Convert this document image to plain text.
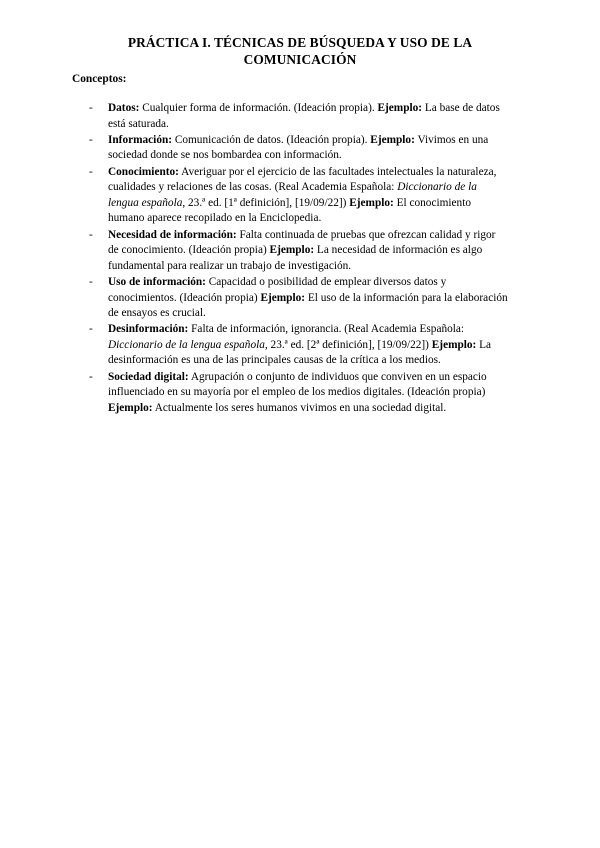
PRÁCTICA I. TÉCNICAS DE BÚSQUEDA Y USO DE LA
COMUNICACIÓN
Conceptos:
- Datos: Cualquier forma de información. (Ideación propia). Ejemplo: La base de datos está saturada.
- Información: Comunicación de datos. (Ideación propia). Ejemplo: Vivimos en una sociedad donde se nos bombardea con información.
- Conocimiento: Averiguar por el ejercicio de las facultades intelectuales la naturaleza, cualidades y relaciones de las cosas. (Real Academia Española: Diccionario de la lengua española, 23.ª ed. [1ª definición], [19/09/22]) Ejemplo: El conocimiento humano aparece recopilado en la Enciclopedia.
- Necesidad de información: Falta continuada de pruebas que ofrezcan calidad y rigor de conocimiento. (Ideación propia) Ejemplo: La necesidad de información es algo fundamental para realizar un trabajo de investigación.
- Uso de información: Capacidad o posibilidad de emplear diversos datos y conocimientos. (Ideación propia) Ejemplo: El uso de la información para la elaboración de ensayos es crucial.
- Desinformación: Falta de información, ignorancia. (Real Academia Española: Diccionario de la lengua española, 23.ª ed. [2ª definición], [19/09/22]) Ejemplo: La desinformación es una de las principales causas de la crítica a los medios.
- Sociedad digital: Agrupación o conjunto de individuos que conviven en un espacio influenciado en su mayoría por el empleo de los medios digitales. (Ideación propia) Ejemplo: Actualmente los seres humanos vivimos en una sociedad digital.
